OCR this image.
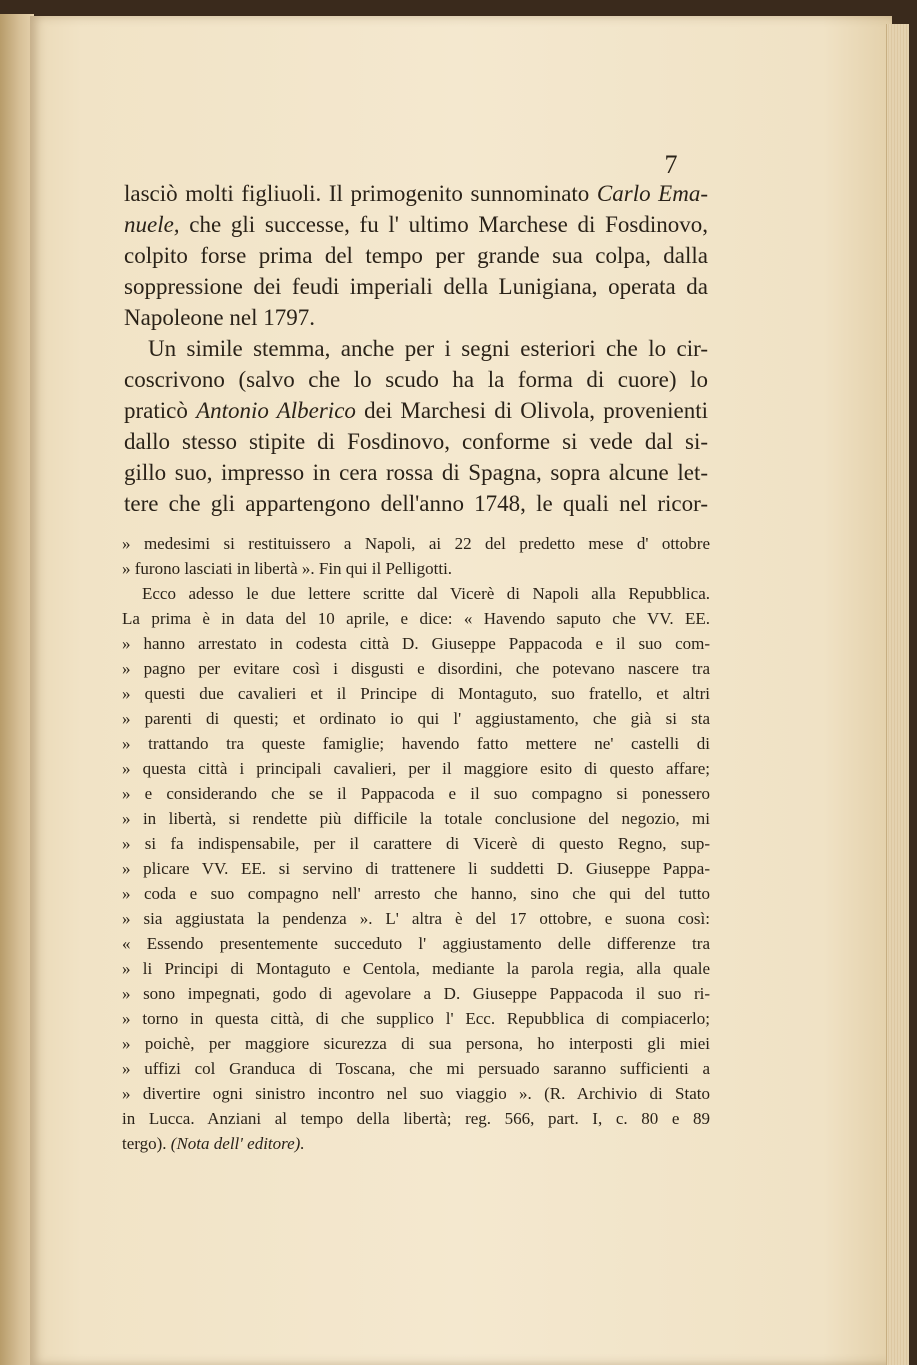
7
lasciò molti figliuoli. Il primogenito sunnominato Carlo Ema-
nuele, che gli successe, fu l' ultimo Marchese di Fosdinovo,
colpito forse prima del tempo per grande sua colpa, dalla
soppressione dei feudi imperiali della Lunigiana, operata da
Napoleone nel 1797.
Un simile stemma, anche per i segni esteriori che lo cir-
coscrivono (salvo che lo scudo ha la forma di cuore) lo
praticò Antonio Alberico dei Marchesi di Olivola, provenienti
dallo stesso stipite di Fosdinovo, conforme si vede dal si-
gillo suo, impresso in cera rossa di Spagna, sopra alcune let-
tere che gli appartengono dell'anno 1748, le quali nel ricor-
» medesimi si restituissero a Napoli, ai 22 del predetto mese d' ottobre
» furono lasciati in libertà ». Fin qui il Pelligotti.
Ecco adesso le due lettere scritte dal Vicerè di Napoli alla Repubblica.
La prima è in data del 10 aprile, e dice: « Havendo saputo che VV. EE.
» hanno arrestato in codesta città D. Giuseppe Pappacoda e il suo com-
» pagno per evitare così i disgusti e disordini, che potevano nascere tra
» questi due cavalieri et il Principe di Montaguto, suo fratello, et altri
» parenti di questi; et ordinato io qui l' aggiustamento, che già si sta
» trattando tra queste famiglie; havendo fatto mettere ne' castelli di
» questa città i principali cavalieri, per il maggiore esito di questo affare;
» e considerando che se il Pappacoda e il suo compagno si ponessero
» in libertà, si rendette più difficile la totale conclusione del negozio, mi
» si fa indispensabile, per il carattere di Vicerè di questo Regno, sup-
» plicare VV. EE. si servino di trattenere li suddetti D. Giuseppe Pappa-
» coda e suo compagno nell' arresto che hanno, sino che qui del tutto
» sia aggiustata la pendenza ». L' altra è del 17 ottobre, e suona così:
« Essendo presentemente succeduto l' aggiustamento delle differenze tra
» li Principi di Montaguto e Centola, mediante la parola regia, alla quale
» sono impegnati, godo di agevolare a D. Giuseppe Pappacoda il suo ri-
» torno in questa città, di che supplico l' Ecc. Repubblica di compiacerlo;
» poichè, per maggiore sicurezza di sua persona, ho interposti gli miei
» uffizi col Granduca di Toscana, che mi persuado saranno sufficienti a
» divertire ogni sinistro incontro nel suo viaggio ». (R. Archivio di Stato
in Lucca. Anziani al tempo della libertà; reg. 566, part. I, c. 80 e 89
tergo). (Nota dell' editore).
